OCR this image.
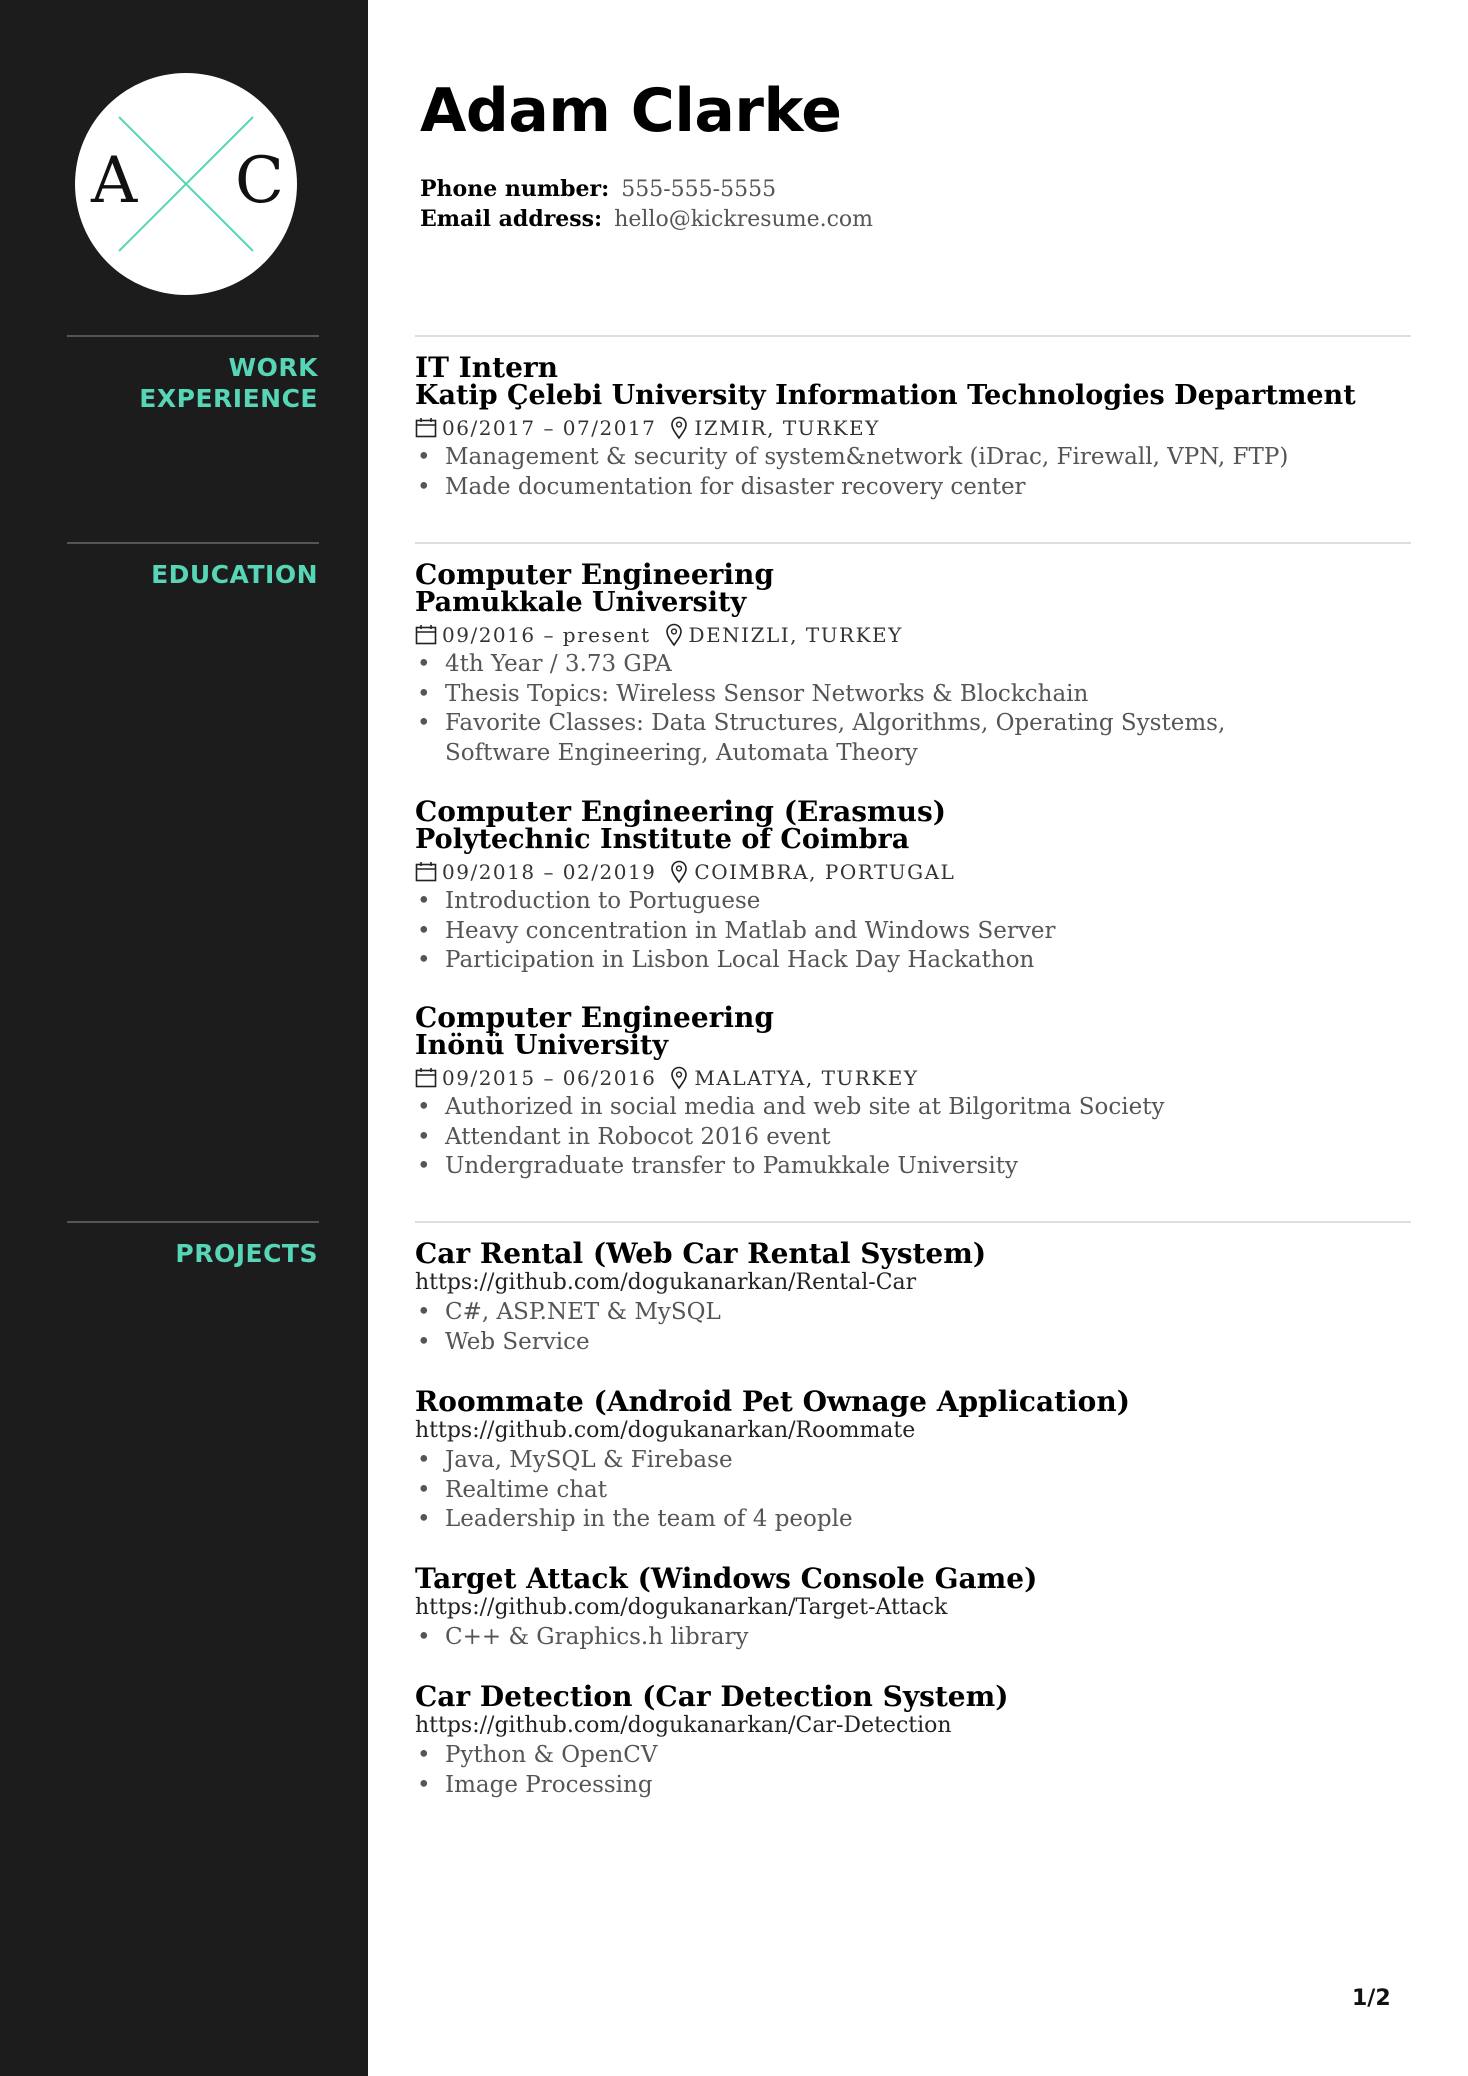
A C
WORK
EXPERIENCE
EDUCATION
PROJECTS
Adam Clarke
Phone number: 555-555-5555
Email address: hello@kickresume.com
IT Intern
Katip Çelebi University Information Technologies Department
06/2017 – 07/2017 IZMIR, TURKEY
• Management & security of system&network (iDrac, Firewall, VPN, FTP)
• Made documentation for disaster recovery center
Computer Engineering
Pamukkale University
09/2016 – present DENIZLI, TURKEY
• 4th Year / 3.73 GPA
• Thesis Topics: Wireless Sensor Networks & Blockchain
• Favorite Classes: Data Structures, Algorithms, Operating Systems, Software Engineering, Automata Theory
Computer Engineering (Erasmus)
Polytechnic Institute of Coimbra
09/2018 – 02/2019 COIMBRA, PORTUGAL
• Introduction to Portuguese
• Heavy concentration in Matlab and Windows Server
• Participation in Lisbon Local Hack Day Hackathon
Computer Engineering
Inönü University
09/2015 – 06/2016 MALATYA, TURKEY
• Authorized in social media and web site at Bilgoritma Society
• Attendant in Robocot 2016 event
• Undergraduate transfer to Pamukkale University
Car Rental (Web Car Rental System)
https://github.com/dogukanarkan/Rental-Car
• C#, ASP.NET & MySQL
• Web Service
Roommate (Android Pet Ownage Application)
https://github.com/dogukanarkan/Roommate
• Java, MySQL & Firebase
• Realtime chat
• Leadership in the team of 4 people
Target Attack (Windows Console Game)
https://github.com/dogukanarkan/Target-Attack
• C++ & Graphics.h library
Car Detection (Car Detection System)
https://github.com/dogukanarkan/Car-Detection
• Python & OpenCV
• Image Processing
1/2
